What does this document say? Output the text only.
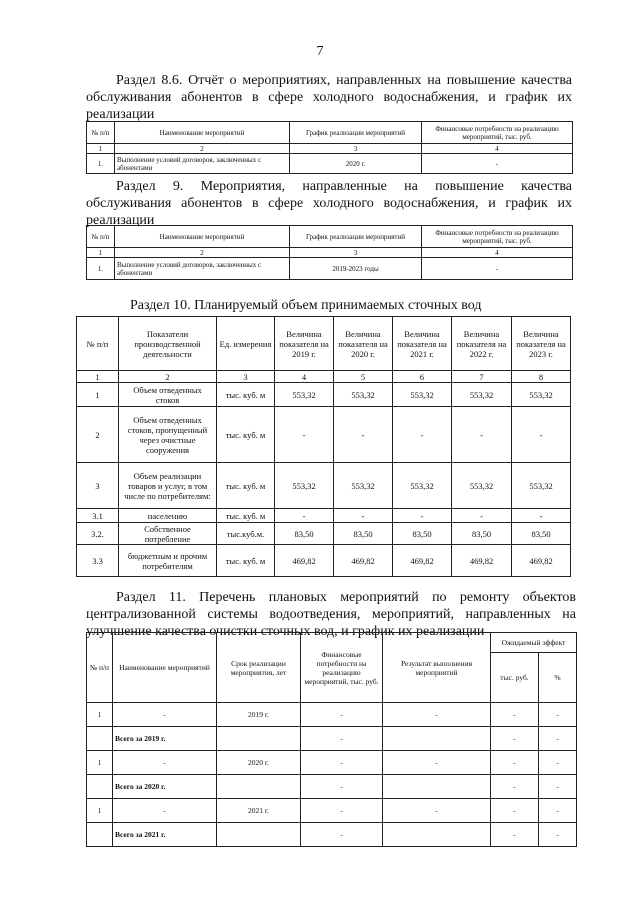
7
Раздел 8.6. Отчёт о мероприятиях, направленных на повышение качества обслуживания абонентов в сфере холодного водоснабжения, и график их реализации
№ п/п	Наименование мероприятий	График реализации мероприятий	Финансовые потребности на реализацию мероприятий, тыс. руб.
1	2	3	4
1.	Выполнение условий договоров, заключенных с абонентами	2020 г.	-
Раздел 9. Мероприятия, направленные на повышение качества обслуживания абонентов в сфере холодного водоснабжения, и график их реализации
№ п/п	Наименование мероприятий	График реализации мероприятий	Финансовые потребности на реализацию мероприятий, тыс. руб.
1	2	3	4
1.	Выполнение условий договоров, заключенных с абонентами	2019-2023 годы	-
Раздел 10. Планируемый объем принимаемых сточных вод
№ п/п	Показатели производственной деятельности	Ед. измерения	Величина показателя на 2019 г.	Величина показателя на 2020 г.	Величина показателя на 2021 г.	Величина показателя на 2022 г.	Величина показателя на 2023 г.
1	2	3	4	5	6	7	8
1	Объем отведенных стоков	тыс. куб. м	553,32	553,32	553,32	553,32	553,32
2	Объем отведенных стоков, пропущенный через очистные сооружения	тыс. куб. м	-	-	-	-	-
3	Объем реализации товаров и услуг, в том числе по потребителям:	тыс. куб. м	553,32	553,32	553,32	553,32	553,32
3.1	населению	тыс. куб. м	-	-	-	-	-
3.2.	Собственное потребление	тыс.куб.м.	83,50	83,50	83,50	83,50	83,50
3.3	бюджетным и прочим потребителям	тыс. куб. м	469,82	469,82	469,82	469,82	469,82
Раздел 11. Перечень плановых мероприятий по ремонту объектов централизованной системы водоотведения, мероприятий, направленных на улучшение качества очистки сточных вод, и график их реализации
№ п/п	Наименование мероприятий	Срок реализации мероприятия, лет	Финансовые потребности на реализацию мероприятий, тыс. руб.	Результат выполнения мероприятий	Ожидаемый эффект	
					тыс. руб.	%
1	-	2019 г.	-	-	-	-
	Всего за 2019 г.		-		-	-
1	-	2020 г.	-	-	-	-
	Всего за 2020 г.		-		-	-
1	-	2021 г.	-	-	-	-
	Всего за 2021 г.		-		-	-
